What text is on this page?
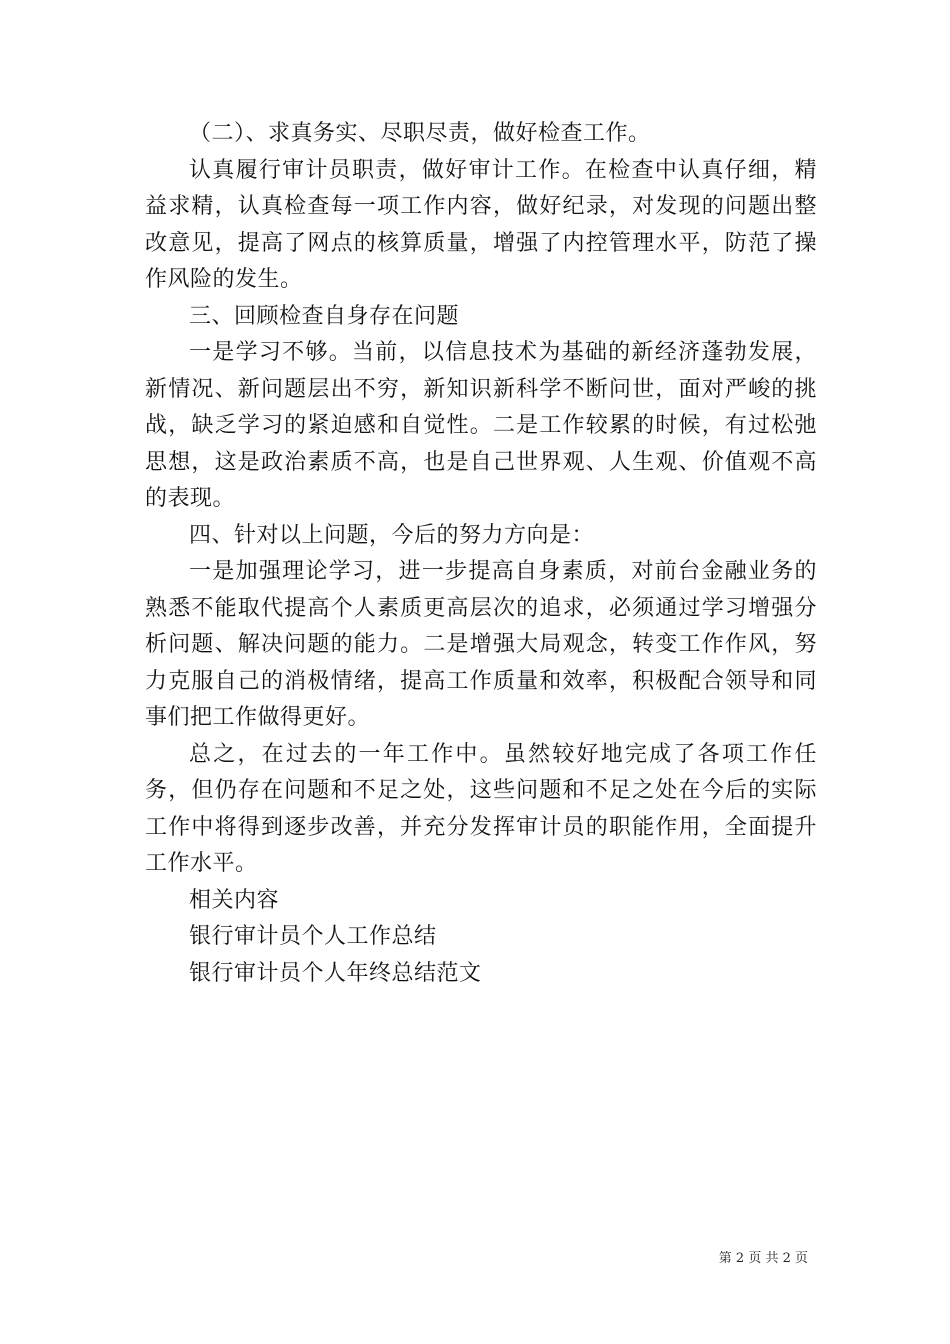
（二）、求真务实、尽职尽责，做好检查工作。

认真履行审计员职责，做好审计工作。在检查中认真仔细，精益求精，认真检查每一项工作内容，做好纪录，对发现的问题出整改意见，提高了网点的核算质量，增强了内控管理水平，防范了操作风险的发生。

三、回顾检查自身存在问题

一是学习不够。当前，以信息技术为基础的新经济蓬勃发展，新情况、新问题层出不穷，新知识新科学不断问世，面对严峻的挑战，缺乏学习的紧迫感和自觉性。二是工作较累的时候，有过松弛思想，这是政治素质不高，也是自己世界观、人生观、价值观不高的表现。

四、针对以上问题，今后的努力方向是：

一是加强理论学习，进一步提高自身素质，对前台金融业务的熟悉不能取代提高个人素质更高层次的追求，必须通过学习增强分析问题、解决问题的能力。二是增强大局观念，转变工作作风，努力克服自己的消极情绪，提高工作质量和效率，积极配合领导和同事们把工作做得更好。

总之，在过去的一年工作中。虽然较好地完成了各项工作任务，但仍存在问题和不足之处，这些问题和不足之处在今后的实际工作中将得到逐步改善，并充分发挥审计员的职能作用，全面提升工作水平。

相关内容

银行审计员个人工作总结

银行审计员个人年终总结范文

第 2 页 共 2 页
